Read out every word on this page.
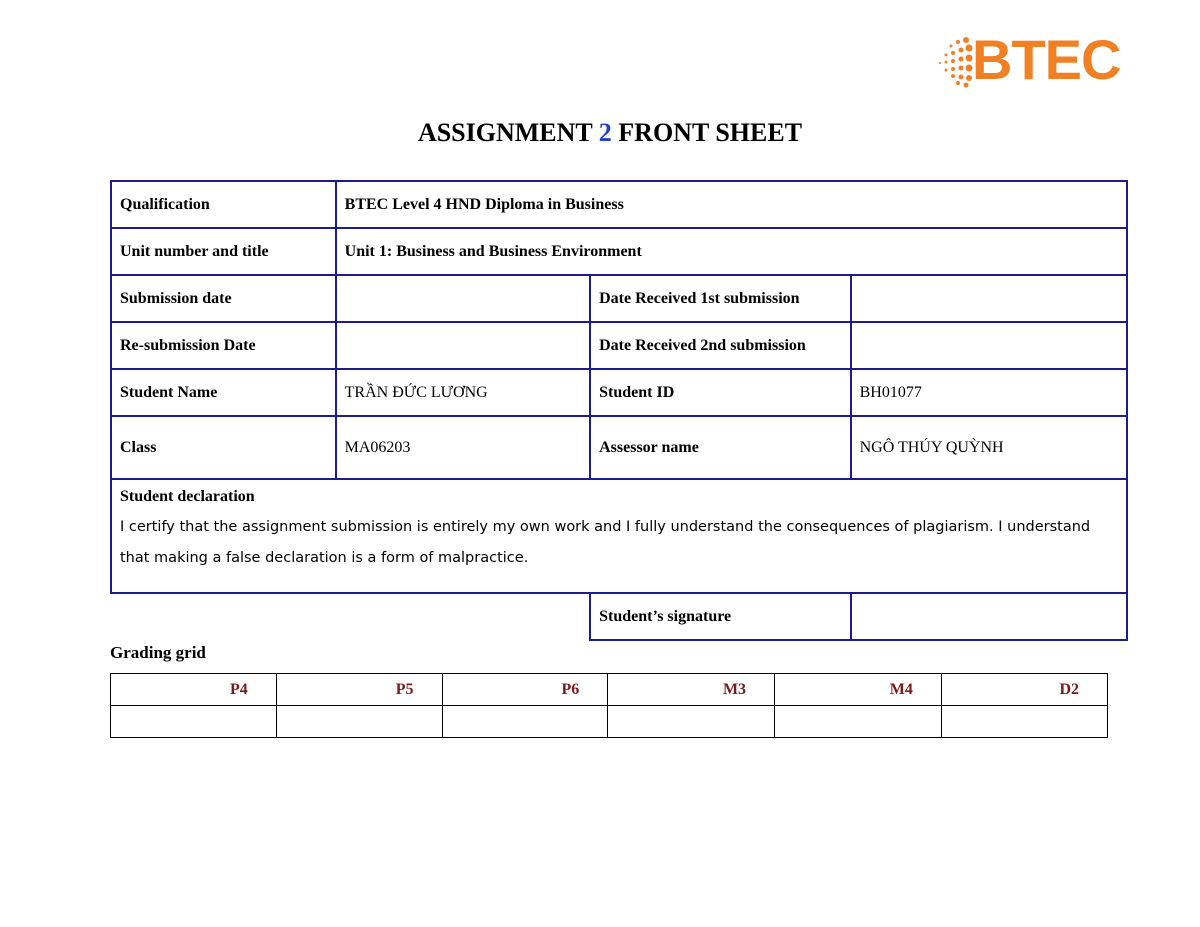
BTEC
ASSIGNMENT 2 FRONT SHEET
Qualification	BTEC Level 4 HND Diploma in Business		
Unit number and title	Unit 1: Business and Business Environment		
Submission date		Date Received 1st submission	
Re-submission Date		Date Received 2nd submission	
Student Name	TRẦN ĐỨC LƯƠNG	Student ID	BH01077
Class	MA06203	Assessor name	NGÔ THÚY QUỲNH

Student declaration
I certify that the assignment submission is entirely my own work and I fully understand the consequences of plagiarism. I understand that making a false declaration is a form of malpractice.			

		Student’s signature	
Grading grid
P4	P5	P6	M3	M4	D2
